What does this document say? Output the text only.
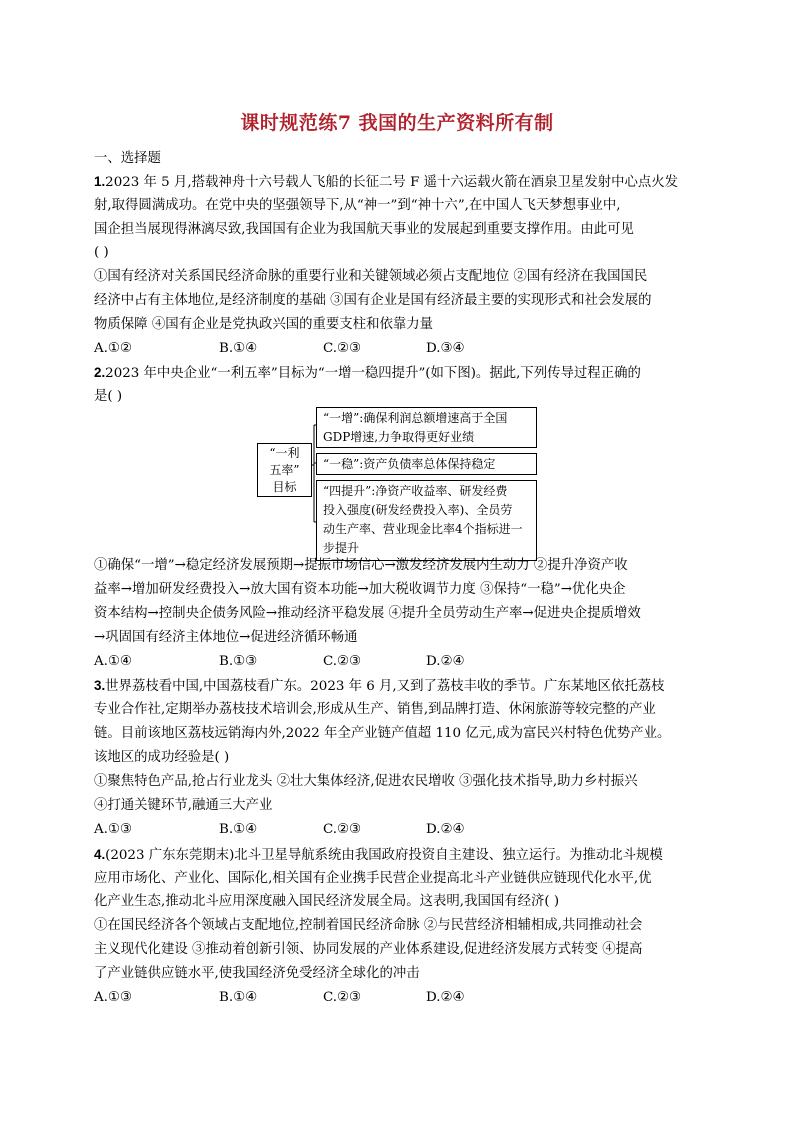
课时规范练7 我国的生产资料所有制
一、选择题
1.2023 年 5 月,搭载神舟十六号载人飞船的长征二号 F 遥十六运载火箭在酒泉卫星发射中心点火发
射,取得圆满成功。在党中央的坚强领导下,从“神一”到“神十六”,在中国人飞天梦想事业中,
国企担当展现得淋漓尽致,我国国有企业为我国航天事业的发展起到重要支撑作用。由此可见
( )
①国有经济对关系国民经济命脉的重要行业和关键领域必须占支配地位 ②国有经济在我国国民
经济中占有主体地位,是经济制度的基础 ③国有企业是国有经济最主要的实现形式和社会发展的
物质保障 ④国有企业是党执政兴国的重要支柱和依靠力量
A.①②	B.①④	C.②③	D.③④
2.2023 年中央企业“一利五率”目标为“一增一稳四提升”(如下图)。据此,下列传导过程正确的
是( )
“一利
五率”
目标
“一增”:确保利润总额增速高于全国
GDP增速,力争取得更好业绩
“一稳”:资产负债率总体保持稳定
“四提升”:净资产收益率、研发经费
投入强度(研发经费投入率)、全员劳
动生产率、营业现金比率4个指标进一
步提升
①确保“一增”→稳定经济发展预期→提振市场信心→激发经济发展内生动力 ②提升净资产收
益率→增加研发经费投入→放大国有资本功能→加大税收调节力度 ③保持“一稳”→优化央企
资本结构→控制央企债务风险→推动经济平稳发展 ④提升全员劳动生产率→促进央企提质增效
→巩固国有经济主体地位→促进经济循环畅通
A.①④	B.①③	C.②③	D.②④
3.世界荔枝看中国,中国荔枝看广东。2023 年 6 月,又到了荔枝丰收的季节。广东某地区依托荔枝
专业合作社,定期举办荔枝技术培训会,形成从生产、销售,到品牌打造、休闲旅游等较完整的产业
链。目前该地区荔枝远销海内外,2022 年全产业链产值超 110 亿元,成为富民兴村特色优势产业。
该地区的成功经验是( )
①聚焦特色产品,抢占行业龙头 ②壮大集体经济,促进农民增收 ③强化技术指导,助力乡村振兴
④打通关键环节,融通三大产业
A.①③	B.①④	C.②③	D.②④
4.(2023 广东东莞期末)北斗卫星导航系统由我国政府投资自主建设、独立运行。为推动北斗规模
应用市场化、产业化、国际化,相关国有企业携手民营企业提高北斗产业链供应链现代化水平,优
化产业生态,推动北斗应用深度融入国民经济发展全局。这表明,我国国有经济( )
①在国民经济各个领域占支配地位,控制着国民经济命脉 ②与民营经济相辅相成,共同推动社会
主义现代化建设 ③推动着创新引领、协同发展的产业体系建设,促进经济发展方式转变 ④提高
了产业链供应链水平,使我国经济免受经济全球化的冲击
A.①③	B.①④	C.②③	D.②④
